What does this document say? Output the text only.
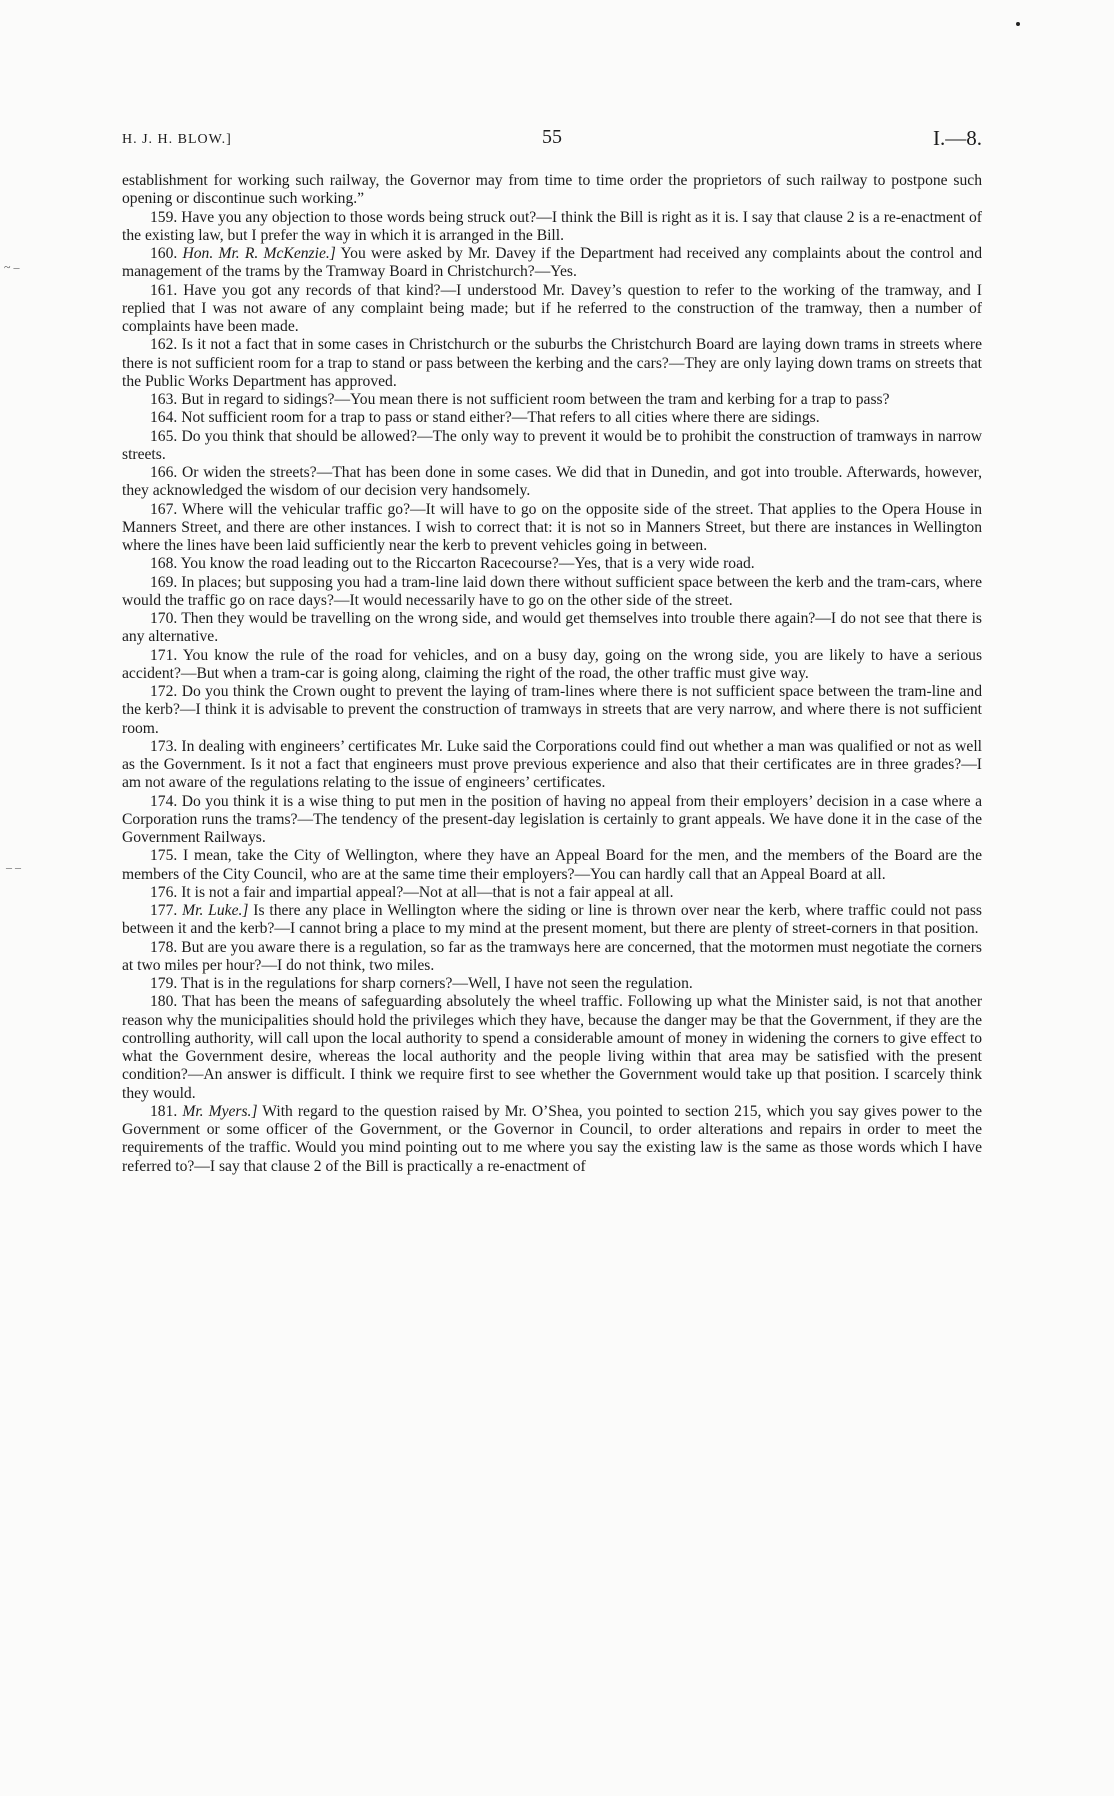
~ ‒
– ‒
H. J. H. BLOW.]	55	I.—8.

establishment for working such railway, the Governor may from time to time order the proprietors of such railway to postpone such opening or discontinue such working.”

159. Have you any objection to those words being struck out?—I think the Bill is right as it is. I say that clause 2 is a re-enactment of the existing law, but I prefer the way in which it is arranged in the Bill.

160. Hon. Mr. R. McKenzie.] You were asked by Mr. Davey if the Department had received any complaints about the control and management of the trams by the Tramway Board in Christchurch?—Yes.

161. Have you got any records of that kind?—I understood Mr. Davey’s question to refer to the working of the tramway, and I replied that I was not aware of any complaint being made; but if he referred to the construction of the tramway, then a number of complaints have been made.

162. Is it not a fact that in some cases in Christchurch or the suburbs the Christchurch Board are laying down trams in streets where there is not sufficient room for a trap to stand or pass between the kerbing and the cars?—They are only laying down trams on streets that the Public Works Department has approved.

163. But in regard to sidings?—You mean there is not sufficient room between the tram and kerbing for a trap to pass?

164. Not sufficient room for a trap to pass or stand either?—That refers to all cities where there are sidings.

165. Do you think that should be allowed?—The only way to prevent it would be to prohibit the construction of tramways in narrow streets.

166. Or widen the streets?—That has been done in some cases. We did that in Dunedin, and got into trouble. Afterwards, however, they acknowledged the wisdom of our decision very handsomely.

167. Where will the vehicular traffic go?—It will have to go on the opposite side of the street. That applies to the Opera House in Manners Street, and there are other instances. I wish to correct that: it is not so in Manners Street, but there are instances in Wellington where the lines have been laid sufficiently near the kerb to prevent vehicles going in between.

168. You know the road leading out to the Riccarton Racecourse?—Yes, that is a very wide road.

169. In places; but supposing you had a tram-line laid down there without sufficient space between the kerb and the tram-cars, where would the traffic go on race days?—It would necessarily have to go on the other side of the street.

170. Then they would be travelling on the wrong side, and would get themselves into trouble there again?—I do not see that there is any alternative.

171. You know the rule of the road for vehicles, and on a busy day, going on the wrong side, you are likely to have a serious accident?—But when a tram-car is going along, claiming the right of the road, the other traffic must give way.

172. Do you think the Crown ought to prevent the laying of tram-lines where there is not sufficient space between the tram-line and the kerb?—I think it is advisable to prevent the construction of tramways in streets that are very narrow, and where there is not sufficient room.

173. In dealing with engineers’ certificates Mr. Luke said the Corporations could find out whether a man was qualified or not as well as the Government. Is it not a fact that engineers must prove previous experience and also that their certificates are in three grades?—I am not aware of the regulations relating to the issue of engineers’ certificates.

174. Do you think it is a wise thing to put men in the position of having no appeal from their employers’ decision in a case where a Corporation runs the trams?—The tendency of the present-day legislation is certainly to grant appeals. We have done it in the case of the Government Railways.

175. I mean, take the City of Wellington, where they have an Appeal Board for the men, and the members of the Board are the members of the City Council, who are at the same time their employers?—You can hardly call that an Appeal Board at all.

176. It is not a fair and impartial appeal?—Not at all—that is not a fair appeal at all.

177. Mr. Luke.] Is there any place in Wellington where the siding or line is thrown over near the kerb, where traffic could not pass between it and the kerb?—I cannot bring a place to my mind at the present moment, but there are plenty of street-corners in that position.

178. But are you aware there is a regulation, so far as the tramways here are concerned, that the motormen must negotiate the corners at two miles per hour?—I do not think, two miles.

179. That is in the regulations for sharp corners?—Well, I have not seen the regulation.

180. That has been the means of safeguarding absolutely the wheel traffic. Following up what the Minister said, is not that another reason why the municipalities should hold the privileges which they have, because the danger may be that the Government, if they are the controlling authority, will call upon the local authority to spend a considerable amount of money in widening the corners to give effect to what the Government desire, whereas the local authority and the people living within that area may be satisfied with the present condition?—An answer is difficult. I think we require first to see whether the Government would take up that position. I scarcely think they would.

181. Mr. Myers.] With regard to the question raised by Mr. O’Shea, you pointed to section 215, which you say gives power to the Government or some officer of the Government, or the Governor in Council, to order alterations and repairs in order to meet the requirements of the traffic. Would you mind pointing out to me where you say the existing law is the same as those words which I have referred to?—I say that clause 2 of the Bill is practically a re-enactment of
